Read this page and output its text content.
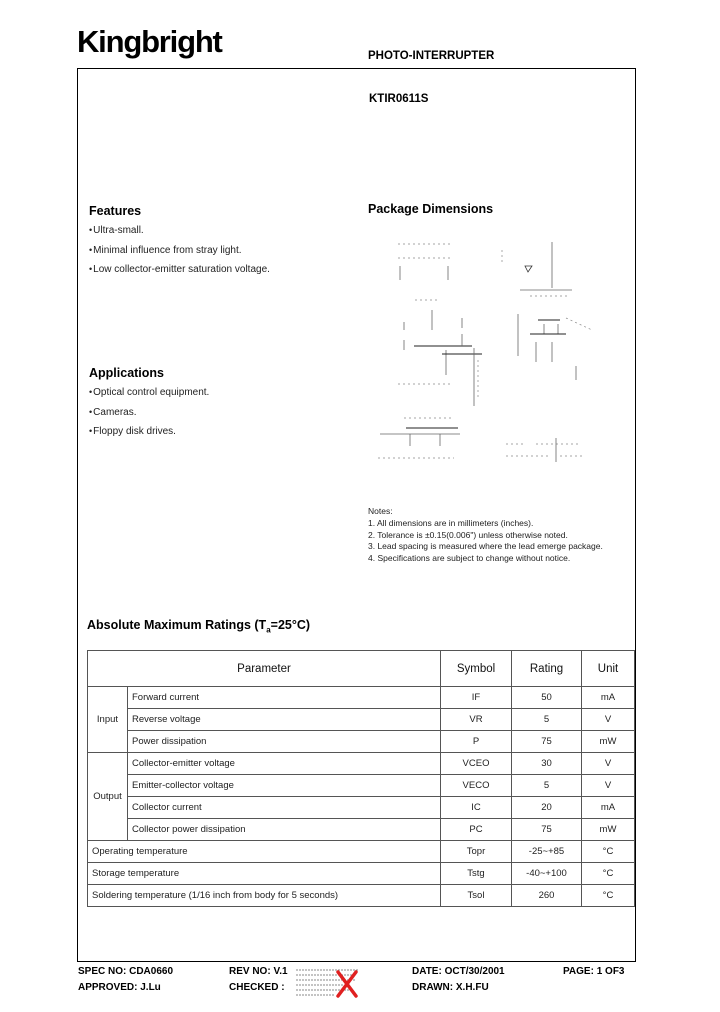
Kingbright	PHOTO-INTERRUPTER
KTIR0611S
Features
• Ultra-small.
• Minimal influence from stray light.
• Low collector-emitter saturation voltage.
Applications
• Optical control equipment.
• Cameras.
• Floppy disk drives.
Package Dimensions
Notes:
1. All dimensions are in millimeters (inches).
2. Tolerance is ±0.15(0.006") unless otherwise noted.
3. Lead spacing is measured where the lead emerge package.
4. Specifications are subject to change without notice.
Absolute Maximum Ratings $(T_a=25^\circ C)$
Parameter		Symbol	Rating	Unit
Input	Forward current	IF	50	mA
	Reverse voltage	VR	5	V
	Power dissipation	P	75	mW
Output	Collector-emitter voltage	VCEO	30	V
	Emitter-collector voltage	VECO	5	V
	Collector current	IC	20	mA
	Collector power dissipation	PC	75	mW
Operating temperature		Topr	-25~+85	°C
Storage temperature		Tstg	-40~+100	°C
Soldering temperature (1/16 inch from body for 5 seconds)		Tsol	260	°C
SPEC NO: CDA0660	REV NO: V.1	DATE: OCT/30/2001	PAGE: 1 OF3
APPROVED: J.Lu	CHECKED :	DRAWN: X.H.FU
